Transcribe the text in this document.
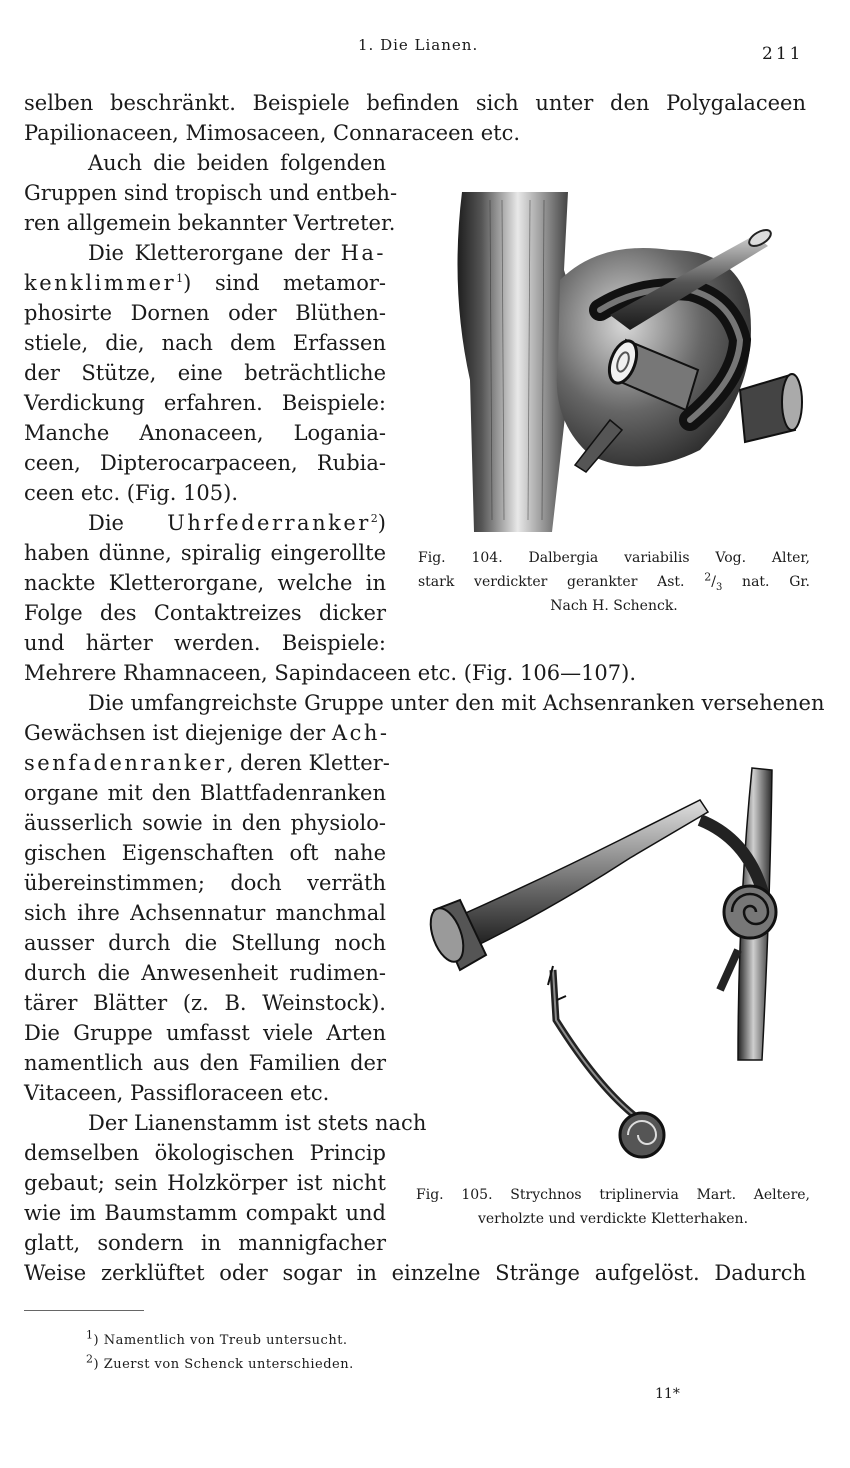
1. Die Lianen.	211
selben beschränkt. Beispiele befinden sich unter den Polygalaceen
Papilionaceen, Mimosaceen, Connaraceen etc.
Auch die beiden folgenden
Gruppen sind tropisch und entbeh-
ren allgemein bekannter Vertreter.
Die Kletterorgane der Ha-
kenklimmer$^1$) sind metamor-
phosirte Dornen oder Blüthen-
stiele, die, nach dem Erfassen
der Stütze, eine beträchtliche
Verdickung erfahren. Beispiele:
Manche Anonaceen, Logania-
ceen, Dipterocarpaceen, Rubia-
ceen etc. (Fig. 105).
Die Uhrfederranker$^2$)
haben dünne, spiralig eingerollte
nackte Kletterorgane, welche in
Folge des Contaktreizes dicker
und härter werden. Beispiele:
Mehrere Rhamnaceen, Sapindaceen etc. (Fig. 106—107).
Die umfangreichste Gruppe unter den mit Achsenranken versehenen
Gewächsen ist diejenige der Ach-
senfadenranker, deren Kletter-
organe mit den Blattfadenranken
äusserlich sowie in den physiolo-
gischen Eigenschaften oft nahe
übereinstimmen; doch verräth
sich ihre Achsennatur manchmal
ausser durch die Stellung noch
durch die Anwesenheit rudimen-
tärer Blätter (z. B. Weinstock).
Die Gruppe umfasst viele Arten
namentlich aus den Familien der
Vitaceen, Passifloraceen etc.
Der Lianenstamm ist stets nach
demselben ökologischen Princip
gebaut; sein Holzkörper ist nicht
wie im Baumstamm compakt und
glatt, sondern in mannigfacher
Weise zerklüftet oder sogar in einzelne Stränge aufgelöst. Dadurch
Fig. 104. Dalbergia variabilis Vog. Alter,
stark verdickter gerankter Ast. $^2/_3$ nat. Gr.
Nach H. Schenck.
Fig. 105. Strychnos triplinervia Mart. Aeltere,
verholzte und verdickte Kletterhaken.
$^1$) Namentlich von Treub untersucht.
$^2$) Zuerst von Schenck unterschieden.
11*
